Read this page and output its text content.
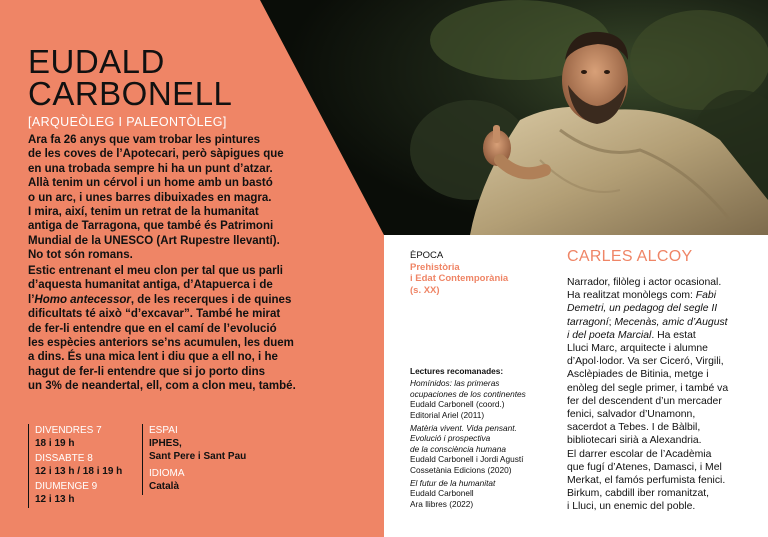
EUDALD
CARBONELL
[ARQUEÒLEG I PALEONTÒLEG]

Ara fa 26 anys que vam trobar les pintures
de les coves de l’Apotecari, però sàpigues que
en una trobada sempre hi ha un punt d’atzar.
Allà tenim un cérvol i un home amb un bastó
o un arc, i unes barres dibuixades en magra.
I mira, així, tenim un retrat de la humanitat
antiga de Tarragona, que també és Patrimoni
Mundial de la UNESCO (Art Rupestre llevantí).
No tot són romans.

Estic entrenant el meu clon per tal que us parli
d’aquesta humanitat antiga, d’Atapuerca i de
l’Homo antecessor, de les recerques i de quines
dificultats té això “d’excavar”. També he mirat
de fer-li entendre que en el camí de l’evolució
les espècies anteriors se’ns acumulen, les duem
a dins. És una mica lent i diu que a ell no, i he
hagut de fer-li entendre que si jo porto dins
un 3% de neandertal, ell, com a clon meu, també.

DIVENDRES 7
18 i 19 h
DISSABTE 8
12 i 13 h / 18 i 19 h
DIUMENGE 9
12 i 13 h
ESPAI
IPHES,
Sant Pere i Sant Pau
IDIOMA
Català
ÈPOCA
Prehistòria
i Edat Contemporània
(s. XX)
Lectures recomanades:
Homínidos: las primeras
ocupaciones de los continentes
Eudald Carbonell (coord.)
Editorial Ariel (2011)
Matèria vivent. Vida pensant.
Evolució i prospectiva
de la consciència humana
Eudald Carbonell i Jordi Agustí
Cossetània Edicions (2020)
El futur de la humanitat
Eudald Carbonell
Ara llibres (2022)
CARLES ALCOY
Narrador, filòleg i actor ocasional.
Ha realitzat monòlegs com: Fabi
Demetri, un pedagog del segle II
tarragoní; Mecenàs, amic d’August
i del poeta Marcial. Ha estat
Lluci Marc, arquitecte i alumne
d’Apol·lodor. Va ser Ciceró, Virgili,
Asclèpiades de Bitinia, metge i
enòleg del segle primer, i també va
fer del descendent d’un mercader
fenici, salvador d’Unamonn,
sacerdot a Tebes. I de Bàlbil,
bibliotecari sirià a Alexandria.
El darrer escolar de l’Acadèmia
que fugí d’Atenes, Damasci, i Mel
Merkat, el famós perfumista fenici.
Birkum, cabdill iber romanitzat,
i Lluci, un enemic del poble.
